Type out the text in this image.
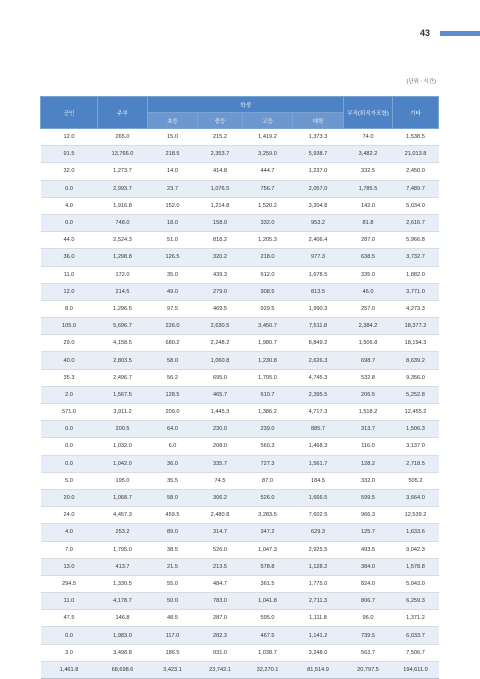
43
(단위 : 시간)
군인	주부	학생				무직(퇴직자포함)	기타
		초등	중등	고등	대학		
12.0	265.0	15.0	215.2	1,419.2	1,373.3	74.0	1,538.5
91.5	13,766.0	218.5	2,353.7	3,259.0	5,938.7	3,482.2	21,013.8
32.0	1,273.7	14.0	414.8	444.7	1,237.0	332.5	2,450.0
0.0	2,993.7	23.7	1,076.5	756.7	2,057.0	1,785.5	7,489.7
4.0	1,916.8	152.0	1,214.8	1,520.2	3,204.8	142.0	5,034.0
0.0	748.0	18.0	158.0	332.0	953.2	81.8	2,616.7
44.0	2,524.3	51.0	818.2	1,205.3	2,406.4	287.0	5,966.8
36.0	1,298.8	126.5	320.2	218.0	977.3	638.5	3,732.7
11.0	172.0	35.0	439.3	612.0	1,678.5	335.0	1,882.0
12.0	214.5	49.0	279.0	308.5	813.5	46.0	3,771.0
8.0	1,296.5	97.5	469.5	929.5	1,990.3	257.0	4,273.3
105.0	5,696.7	226.0	2,630.5	3,450.7	7,511.8	2,384.2	18,377.2
29.0	4,158.5	680.2	2,248.2	1,980.7	8,849.2	1,506.8	18,194.3
40.0	2,803.5	58.0	1,060.8	1,230.8	2,626.3	698.7	8,639.2
35.3	2,496.7	56.2	695.0	1,705.0	4,745.3	532.8	9,356.0
2.0	1,567.5	128.5	465.7	610.7	2,395.5	206.5	5,252.8
571.0	3,911.2	209.0	1,445.3	1,386.2	4,717.3	1,518.2	12,455.2
0.0	200.5	64.0	230.0	239.0	885.7	313.7	1,506.3
0.0	1,032.0	6.0	208.0	560.3	1,468.3	116.0	3,137.0
0.0	1,042.0	36.0	335.7	727.3	1,561.7	128.2	2,718.5
5.0	195.0	35.5	74.5	87.0	184.5	332.0	505.2
20.0	1,068.7	58.0	306.2	526.0	1,666.5	599.5	3,664.0
24.0	4,457.3	459.5	2,480.8	3,283.5	7,602.5	966.3	12,539.2
4.0	253.2	89.0	314.7	347.2	629.3	125.7	1,633.6
7.0	1,795.0	38.5	526.0	1,047.3	2,925.5	493.5	9,042.3
13.0	413.7	21.5	213.5	578.8	1,128.2	384.0	1,578.8
294.5	1,330.5	55.0	484.7	361.5	1,775.0	824.0	5,043.0
11.0	4,178.7	50.0	783.0	1,041.8	2,711.3	806.7	6,259.3
47.5	146.8	48.5	287.0	595.0	1,111.8	96.0	1,371.2
0.0	1,983.0	117.0	282.3	467.5	1,141.2	739.5	6,033.7
3.0	3,498.8	186.5	931.0	1,038.7	3,248.0	563.7	7,506.7
1,461.8	68,698.6	3,423.1	23,742.1	32,270.1	81,514.9	20,797.5	194,611.0
